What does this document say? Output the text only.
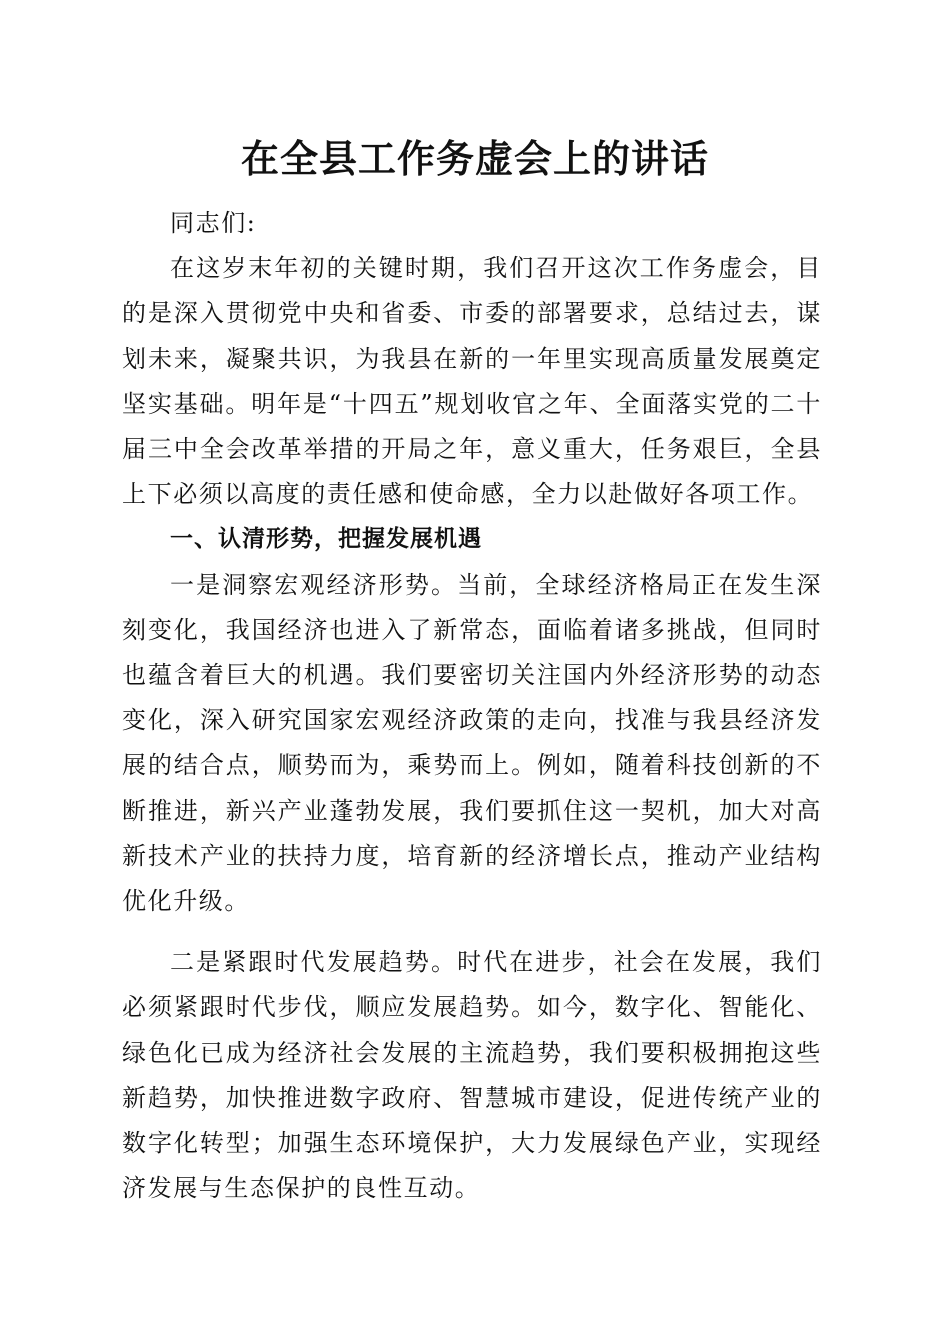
在全县工作务虚会上的讲话

同志们:

在这岁末年初的关键时期，我们召开这次工作务虚会，目的是深入贯彻党中央和省委、市委的部署要求，总结过去，谋划未来，凝聚共识，为我县在新的一年里实现高质量发展奠定坚实基础。明年是“十四五”规划收官之年、全面落实党的二十届三中全会改革举措的开局之年，意义重大，任务艰巨，全县上下必须以高度的责任感和使命感，全力以赴做好各项工作。

一、认清形势，把握发展机遇

一是洞察宏观经济形势。当前，全球经济格局正在发生深刻变化，我国经济也进入了新常态，面临着诸多挑战，但同时也蕴含着巨大的机遇。我们要密切关注国内外经济形势的动态变化，深入研究国家宏观经济政策的走向，找准与我县经济发展的结合点，顺势而为，乘势而上。例如，随着科技创新的不断推进，新兴产业蓬勃发展，我们要抓住这一契机，加大对高新技术产业的扶持力度，培育新的经济增长点，推动产业结构优化升级。

二是紧跟时代发展趋势。时代在进步，社会在发展，我们必须紧跟时代步伐，顺应发展趋势。如今，数字化、智能化、绿色化已成为经济社会发展的主流趋势，我们要积极拥抱这些新趋势，加快推进数字政府、智慧城市建设，促进传统产业的数字化转型；加强生态环境保护，大力发展绿色产业，实现经济发展与生态保护的良性互动。
